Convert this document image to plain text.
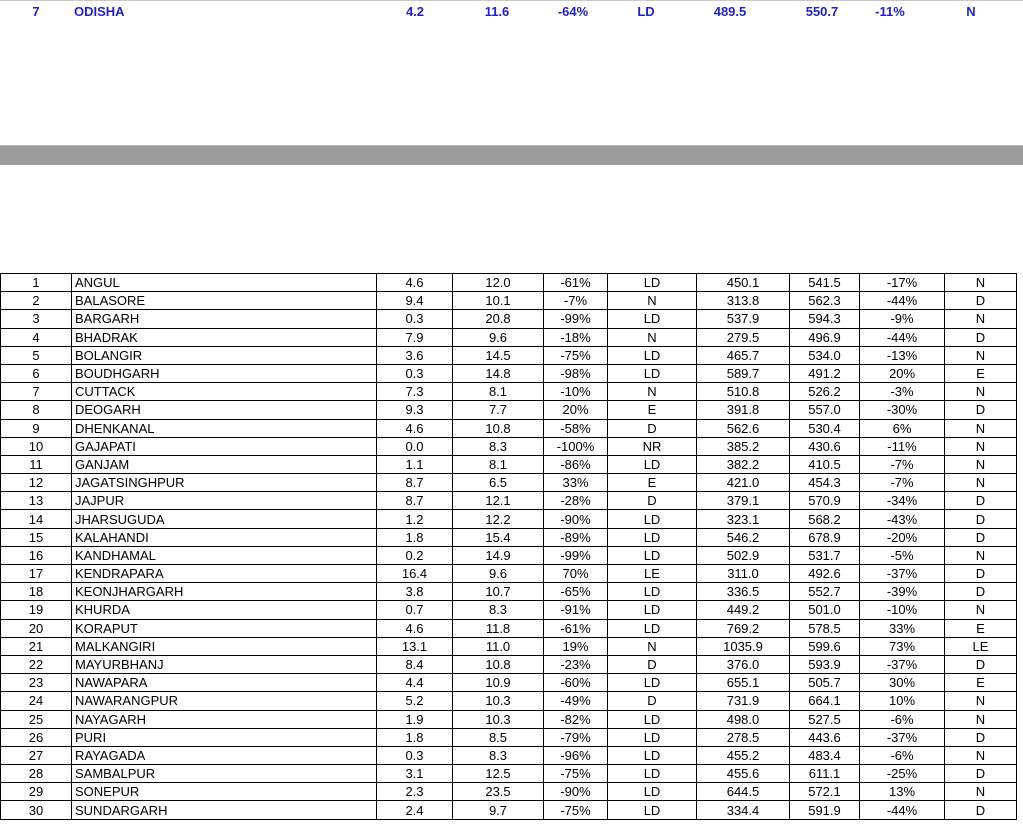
7	ODISHA	4.2	11.6	-64%	LD	489.5	550.7	-11%	N
1	ANGUL	4.6	12.0	-61%	LD	450.1	541.5	-17%	N
2	BALASORE	9.4	10.1	-7%	N	313.8	562.3	-44%	D
3	BARGARH	0.3	20.8	-99%	LD	537.9	594.3	-9%	N
4	BHADRAK	7.9	9.6	-18%	N	279.5	496.9	-44%	D
5	BOLANGIR	3.6	14.5	-75%	LD	465.7	534.0	-13%	N
6	BOUDHGARH	0.3	14.8	-98%	LD	589.7	491.2	20%	E
7	CUTTACK	7.3	8.1	-10%	N	510.8	526.2	-3%	N
8	DEOGARH	9.3	7.7	20%	E	391.8	557.0	-30%	D
9	DHENKANAL	4.6	10.8	-58%	D	562.6	530.4	6%	N
10	GAJAPATI	0.0	8.3	-100%	NR	385.2	430.6	-11%	N
11	GANJAM	1.1	8.1	-86%	LD	382.2	410.5	-7%	N
12	JAGATSINGHPUR	8.7	6.5	33%	E	421.0	454.3	-7%	N
13	JAJPUR	8.7	12.1	-28%	D	379.1	570.9	-34%	D
14	JHARSUGUDA	1.2	12.2	-90%	LD	323.1	568.2	-43%	D
15	KALAHANDI	1.8	15.4	-89%	LD	546.2	678.9	-20%	D
16	KANDHAMAL	0.2	14.9	-99%	LD	502.9	531.7	-5%	N
17	KENDRAPARA	16.4	9.6	70%	LE	311.0	492.6	-37%	D
18	KEONJHARGARH	3.8	10.7	-65%	LD	336.5	552.7	-39%	D
19	KHURDA	0.7	8.3	-91%	LD	449.2	501.0	-10%	N
20	KORAPUT	4.6	11.8	-61%	LD	769.2	578.5	33%	E
21	MALKANGIRI	13.1	11.0	19%	N	1035.9	599.6	73%	LE
22	MAYURBHANJ	8.4	10.8	-23%	D	376.0	593.9	-37%	D
23	NAWAPARA	4.4	10.9	-60%	LD	655.1	505.7	30%	E
24	NAWARANGPUR	5.2	10.3	-49%	D	731.9	664.1	10%	N
25	NAYAGARH	1.9	10.3	-82%	LD	498.0	527.5	-6%	N
26	PURI	1.8	8.5	-79%	LD	278.5	443.6	-37%	D
27	RAYAGADA	0.3	8.3	-96%	LD	455.2	483.4	-6%	N
28	SAMBALPUR	3.1	12.5	-75%	LD	455.6	611.1	-25%	D
29	SONEPUR	2.3	23.5	-90%	LD	644.5	572.1	13%	N
30	SUNDARGARH	2.4	9.7	-75%	LD	334.4	591.9	-44%	D
